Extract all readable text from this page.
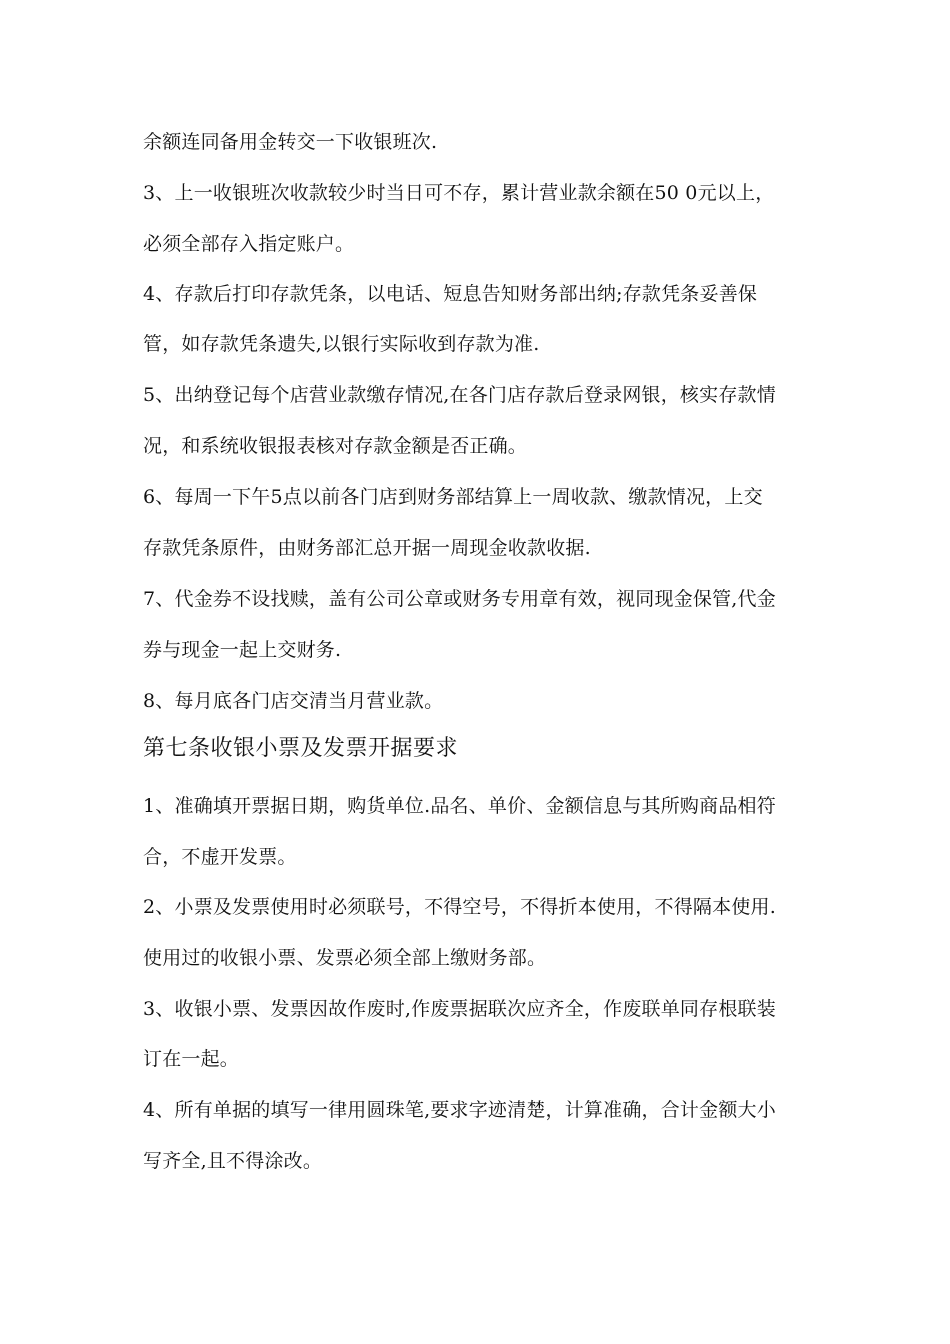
余额连同备用金转交一下收银班次.
3、上一收银班次收款较少时当日可不存，累计营业款余额在50 0元以上，
必须全部存入指定账户。
4、存款后打印存款凭条，以电话、短息告知财务部出纳;存款凭条妥善保
管，如存款凭条遗失,以银行实际收到存款为准.
5、出纳登记每个店营业款缴存情况,在各门店存款后登录网银，核实存款情
况，和系统收银报表核对存款金额是否正确。
6、每周一下午5点以前各门店到财务部结算上一周收款、缴款情况，上交
存款凭条原件，由财务部汇总开据一周现金收款收据.
7、代金券不设找赎，盖有公司公章或财务专用章有效，视同现金保管,代金
券与现金一起上交财务.
8、每月底各门店交清当月营业款。
第七条收银小票及发票开据要求
1、准确填开票据日期，购货单位.品名、单价、金额信息与其所购商品相符
合，不虚开发票。
2、小票及发票使用时必须联号，不得空号，不得折本使用，不得隔本使用.
使用过的收银小票、发票必须全部上缴财务部。
3、收银小票、发票因故作废时,作废票据联次应齐全，作废联单同存根联装
订在一起。
4、所有单据的填写一律用圆珠笔,要求字迹清楚，计算准确，合计金额大小
写齐全,且不得涂改。
